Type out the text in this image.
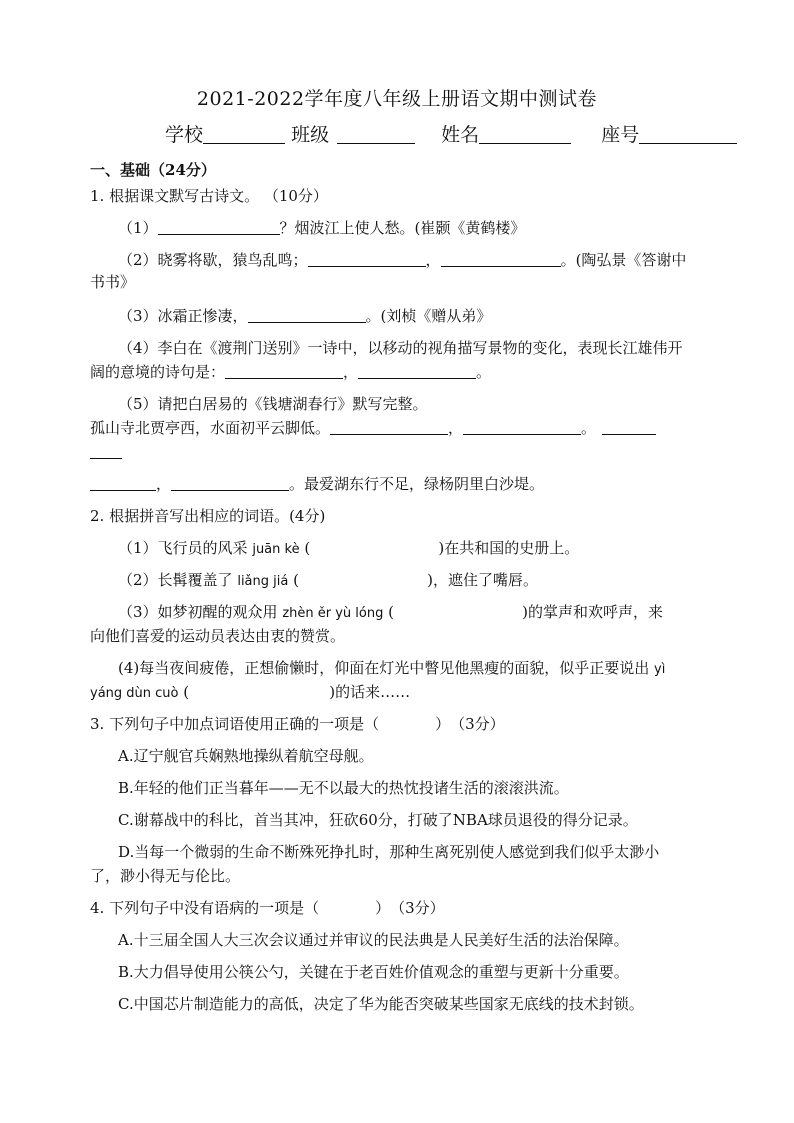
2021-2022学年度八年级上册语文期中测试卷
学校	班级	姓名	座号
一、基础（24分）
1. 根据课文默写古诗文。 （10分）
（1）	？烟波江上使人愁。(崔颢《黄鹤楼》
（2）晓雾将歇，猿鸟乱鸣；	，	。(陶弘景《答谢中
书书》
（3）冰霜正惨凄，	。(刘桢《赠从弟》
（4）李白在《渡荆门送别》一诗中，以移动的视角描写景物的变化，表现长江雄伟开
阔的意境的诗句是：	，	。
（5）请把白居易的《钱塘湖春行》默写完整。
孤山寺北贾亭西，水面初平云脚低。	，	。
，	。最爱湖东行不足，绿杨阴里白沙堤。
2. 根据拼音写出相应的词语。(4分)
（1）飞行员的风采 juān kè (	)在共和国的史册上。
（2）长髯覆盖了 liǎng jiá (	)，遮住了嘴唇。
（3）如梦初醒的观众用 zhèn ěr yù lóng (	)的掌声和欢呼声，来
向他们喜爱的运动员表达由衷的赞赏。
(4)每当夜间疲倦，正想偷懒时，仰面在灯光中瞥见他黑瘦的面貌，似乎正要说出 yì
yáng dùn cuò (	)的话来……
3. 下列句子中加点词语使用正确的一项是（	）　（3分）
A.辽宁舰官兵娴熟地操纵着航空母舰。
B.年轻的他们正当暮年——无不以最大的热忱投诸生活的滚滚洪流。
C.谢幕战中的科比，首当其冲，狂砍60分，打破了NBA球员退役的得分记录。
D.当每一个微弱的生命不断殊死挣扎时，那种生离死别使人感觉到我们似乎太渺小
了，渺小得无与伦比。
4. 下列句子中没有语病的一项是（	）　（3分）
A.十三届全国人大三次会议通过并审议的民法典是人民美好生活的法治保障。
B.大力倡导使用公筷公勺，关键在于老百姓价值观念的重塑与更新十分重要。
C.中国芯片制造能力的高低，决定了华为能否突破某些国家无底线的技术封锁。
